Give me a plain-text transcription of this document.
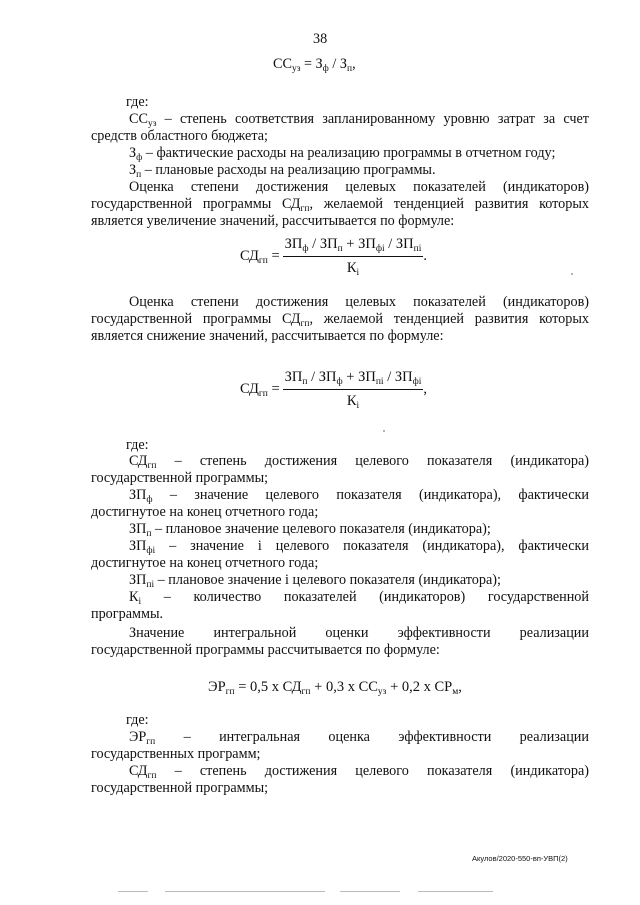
38
$СС_{уз} = З_ф / З_п$,
где:
$СС_{уз}$ – степень соответствия запланированному уровню затрат за счет
средств областного бюджета;
$З_ф$ – фактические расходы на реализацию программы в отчетном году;
$З_п$ – плановые расходы на реализацию программы.
Оценка степени достижения целевых показателей (индикаторов)
государственной программы $СД_{гп}$, желаемой тенденцией развития которых
является увеличение значений, рассчитывается по формуле:
$СД_{гп} = \frac{ЗП_ф / ЗП_п + ЗП_{фi} / ЗП_{пi}}{К_i}$ .
Оценка степени достижения целевых показателей (индикаторов)
государственной программы $СД_{гп}$, желаемой тенденцией развития которых
является снижение значений, рассчитывается по формуле:
$СД_{гп} = \frac{ЗП_п / ЗП_ф + ЗП_{пi} / ЗП_{фi}}{К_i}$ ,
где:
$СД_{гп}$ – степень достижения целевого показателя (индикатора)
государственной программы;
$ЗП_ф$ – значение целевого показателя (индикатора), фактически
достигнутое на конец отчетного года;
$ЗП_п$ – плановое значение целевого показателя (индикатора);
$ЗП_{фi}$ – значение i целевого показателя (индикатора), фактически
достигнутое на конец отчетного года;
$ЗП_{пi}$ – плановое значение i целевого показателя (индикатора);
$К_i$ – количество показателей (индикаторов) государственной
программы.
Значение интегральной оценки эффективности реализации
государственной программы рассчитывается по формуле:
$ЭР_{гп} = 0,5$ х $СД_{гп} + 0,3$ х $СС_{уз} + 0,2$ х $СР_м$,
где:
$ЭР_{гп}$ – интегральная оценка эффективности реализации
государственных программ;
$СД_{гп}$ – степень достижения целевого показателя (индикатора)
государственной программы;
Акулов/2020-550-вп-УВП(2)
